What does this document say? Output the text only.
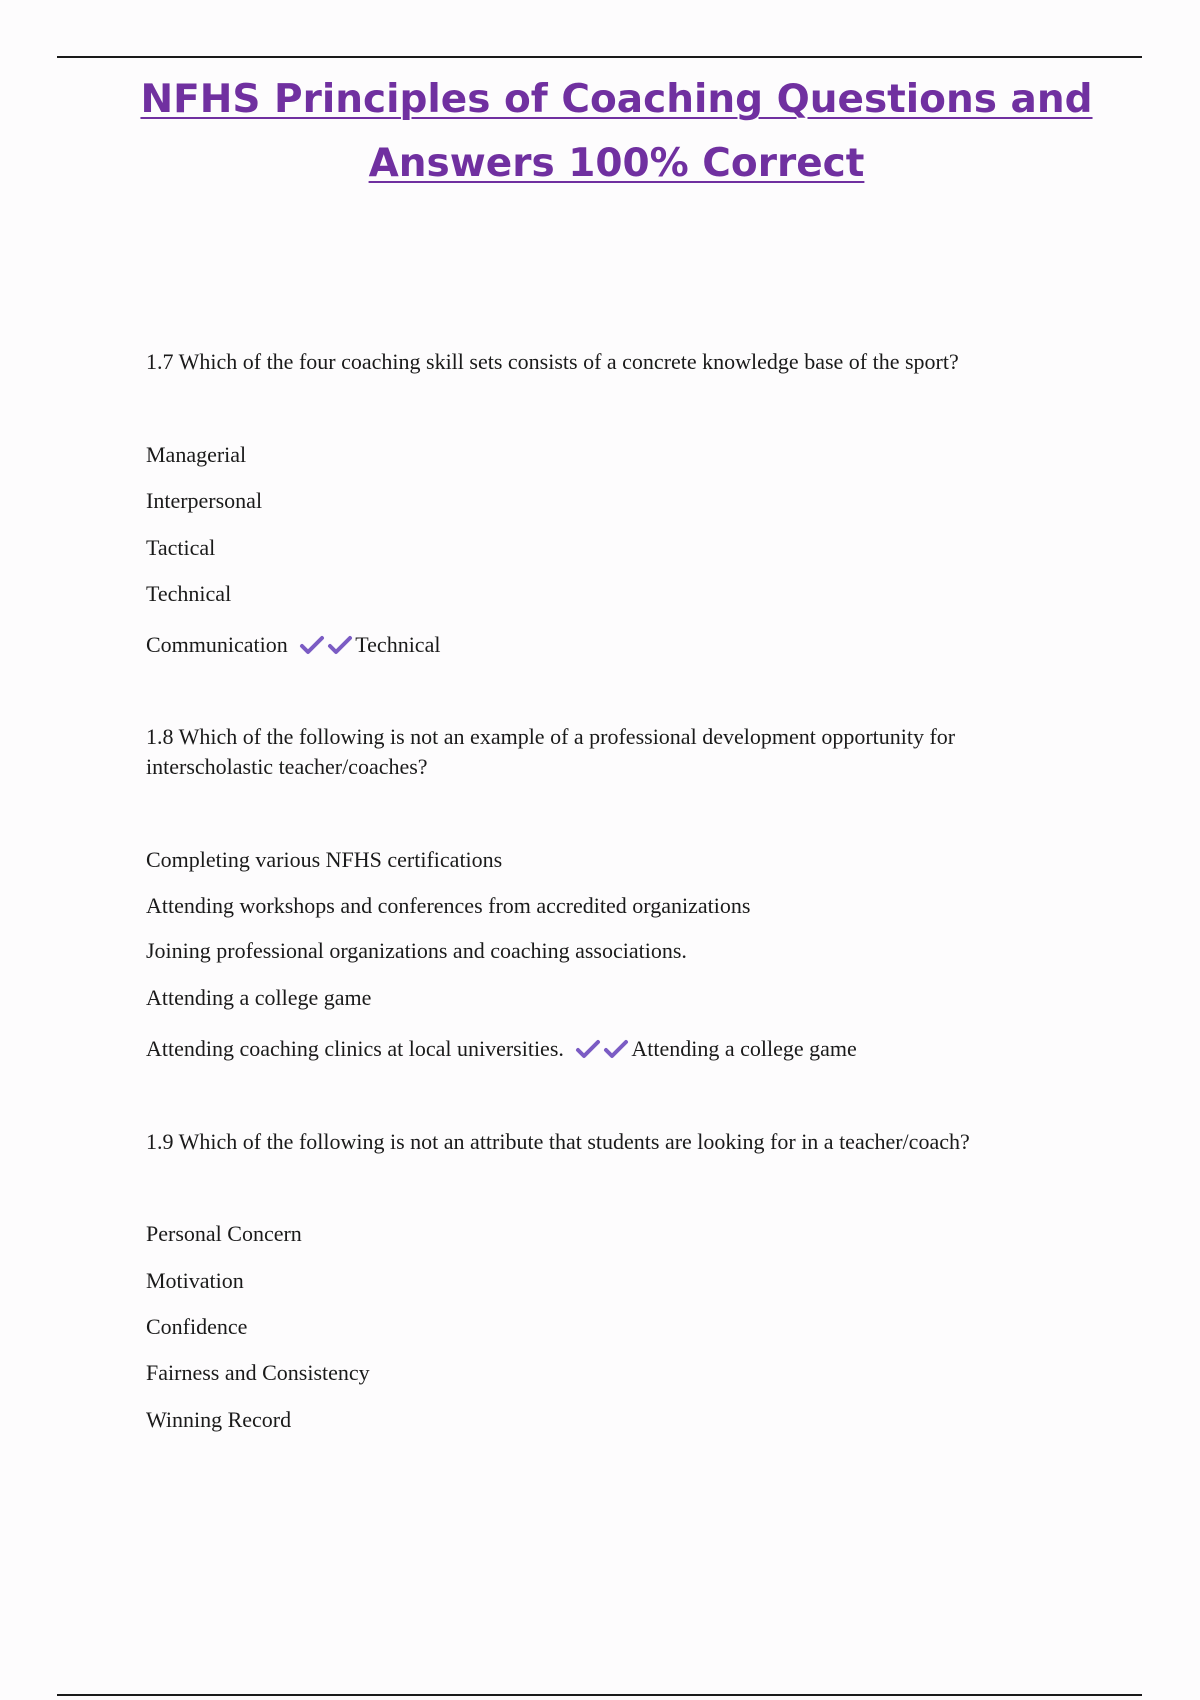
NFHS Principles of Coaching Questions and
Answers 100% Correct

1.7 Which of the four coaching skill sets consists of a concrete knowledge base of the sport?

Managerial

Interpersonal

Tactical

Technical

Communication	Technical

1.8 Which of the following is not an example of a professional development opportunity for interscholastic teacher/coaches?

Completing various NFHS certifications

Attending workshops and conferences from accredited organizations

Joining professional organizations and coaching associations.

Attending a college game

Attending coaching clinics at local universities.	Attending a college game

1.9 Which of the following is not an attribute that students are looking for in a teacher/coach?

Personal Concern

Motivation

Confidence

Fairness and Consistency

Winning Record
